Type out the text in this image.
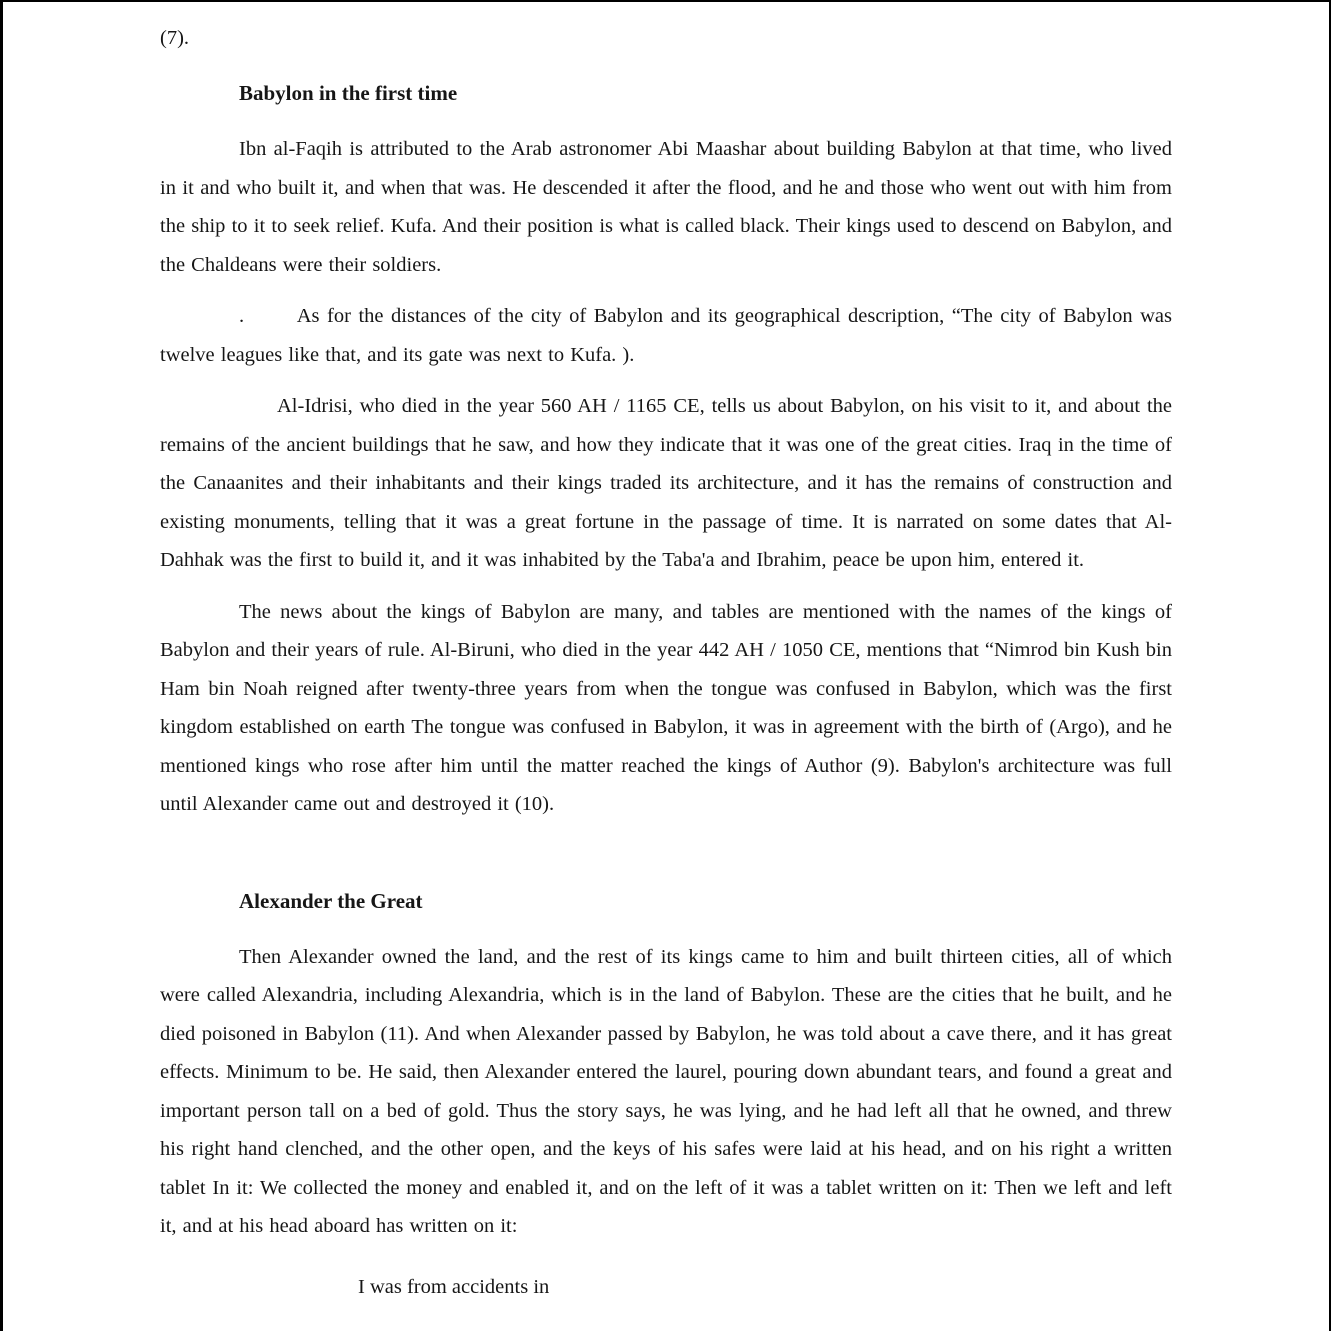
(7).

Babylon in the first time

Ibn al-Faqih is attributed to the Arab astronomer Abi Maashar about building Babylon at that time, who lived in it and who built it, and when that was. He descended it after the flood, and he and those who went out with him from the ship to it to seek relief. Kufa. And their position is what is called black. Their kings used to descend on Babylon, and the Chaldeans were their soldiers.

.       As for the distances of the city of Babylon and its geographical description, “The city of Babylon was twelve leagues like that, and its gate was next to Kufa. ).

Al-Idrisi, who died in the year 560 AH / 1165 CE, tells us about Babylon, on his visit to it, and about the remains of the ancient buildings that he saw, and how they indicate that it was one of the great cities. Iraq in the time of the Canaanites and their inhabitants and their kings traded its architecture, and it has the remains of construction and existing monuments, telling that it was a great fortune in the passage of time. It is narrated on some dates that Al-Dahhak was the first to build it, and it was inhabited by the Taba'a and Ibrahim, peace be upon him, entered it.

The news about the kings of Babylon are many, and tables are mentioned with the names of the kings of Babylon and their years of rule. Al-Biruni, who died in the year 442 AH / 1050 CE, mentions that “Nimrod bin Kush bin Ham bin Noah reigned after twenty-three years from when the tongue was confused in Babylon, which was the first kingdom established on earth The tongue was confused in Babylon, it was in agreement with the birth of (Argo), and he mentioned kings who rose after him until the matter reached the kings of Author (9). Babylon's architecture was full until Alexander came out and destroyed it (10).

Alexander the Great

Then Alexander owned the land, and the rest of its kings came to him and built thirteen cities, all of which were called Alexandria, including Alexandria, which is in the land of Babylon. These are the cities that he built, and he died poisoned in Babylon (11). And when Alexander passed by Babylon, he was told about a cave there, and it has great effects. Minimum to be. He said, then Alexander entered the laurel, pouring down abundant tears, and found a great and important person tall on a bed of gold. Thus the story says, he was lying, and he had left all that he owned, and threw his right hand clenched, and the other open, and the keys of his safes were laid at his head, and on his right a written tablet In it: We collected the money and enabled it, and on the left of it was a tablet written on it: Then we left and left it, and at his head aboard has written on it:

I was from accidents in
